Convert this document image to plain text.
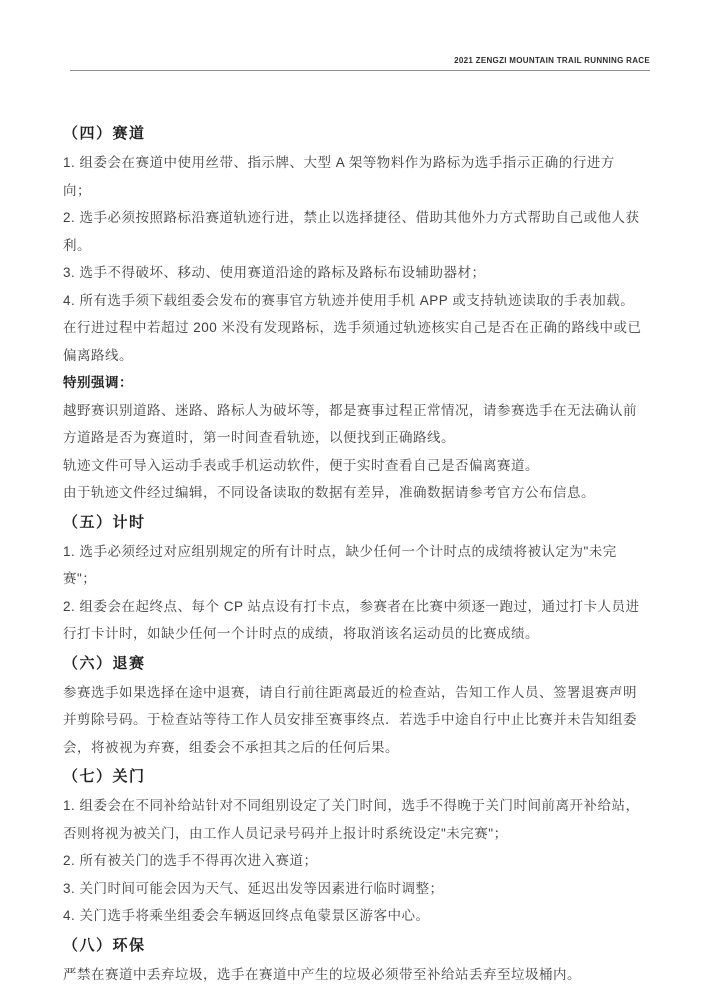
2021 ZENGZI MOUNTAIN TRAIL RUNNING RACE
（四）赛道

1. 组委会在赛道中使用丝带、指示牌、大型 A 架等物料作为路标为选手指示正确的行进方向；

2. 选手必须按照路标沿赛道轨迹行进，禁止以选择捷径、借助其他外力方式帮助自己或他人获利。

3. 选手不得破坏、移动、使用赛道沿途的路标及路标布设辅助器材；

4. 所有选手须下载组委会发布的赛事官方轨迹并使用手机 APP 或支持轨迹读取的手表加载。在行进过程中若超过 200 米没有发现路标，选手须通过轨迹核实自己是否在正确的路线中或已偏离路线。

特别强调：

越野赛识别道路、迷路、路标人为破坏等，都是赛事过程正常情况，请参赛选手在无法确认前方道路是否为赛道时，第一时间查看轨迹，以便找到正确路线。

轨迹文件可导入运动手表或手机运动软件，便于实时查看自己是否偏离赛道。

由于轨迹文件经过编辑，不同设备读取的数据有差异，准确数据请参考官方公布信息。

（五）计时

1. 选手必须经过对应组别规定的所有计时点，缺少任何一个计时点的成绩将被认定为"未完赛"；

2. 组委会在起终点、每个 CP 站点设有打卡点，参赛者在比赛中须逐一跑过，通过打卡人员进行打卡计时，如缺少任何一个计时点的成绩，将取消该名运动员的比赛成绩。

（六）退赛

参赛选手如果选择在途中退赛，请自行前往距离最近的检查站，告知工作人员、签署退赛声明并剪除号码。于检查站等待工作人员安排至赛事终点．若选手中途自行中止比赛并未告知组委会，将被视为弃赛，组委会不承担其之后的任何后果。

（七）关门

1. 组委会在不同补给站针对不同组别设定了关门时间，选手不得晚于关门时间前离开补给站，否则将视为被关门，由工作人员记录号码并上报计时系统设定"未完赛"；

2. 所有被关门的选手不得再次进入赛道；

3. 关门时间可能会因为天气、延迟出发等因素进行临时调整；

4. 关门选手将乘坐组委会车辆返回终点龟蒙景区游客中心。

（八）环保

严禁在赛道中丢弃垃圾，选手在赛道中产生的垃圾必须带至补给站丢弃至垃圾桶内。
